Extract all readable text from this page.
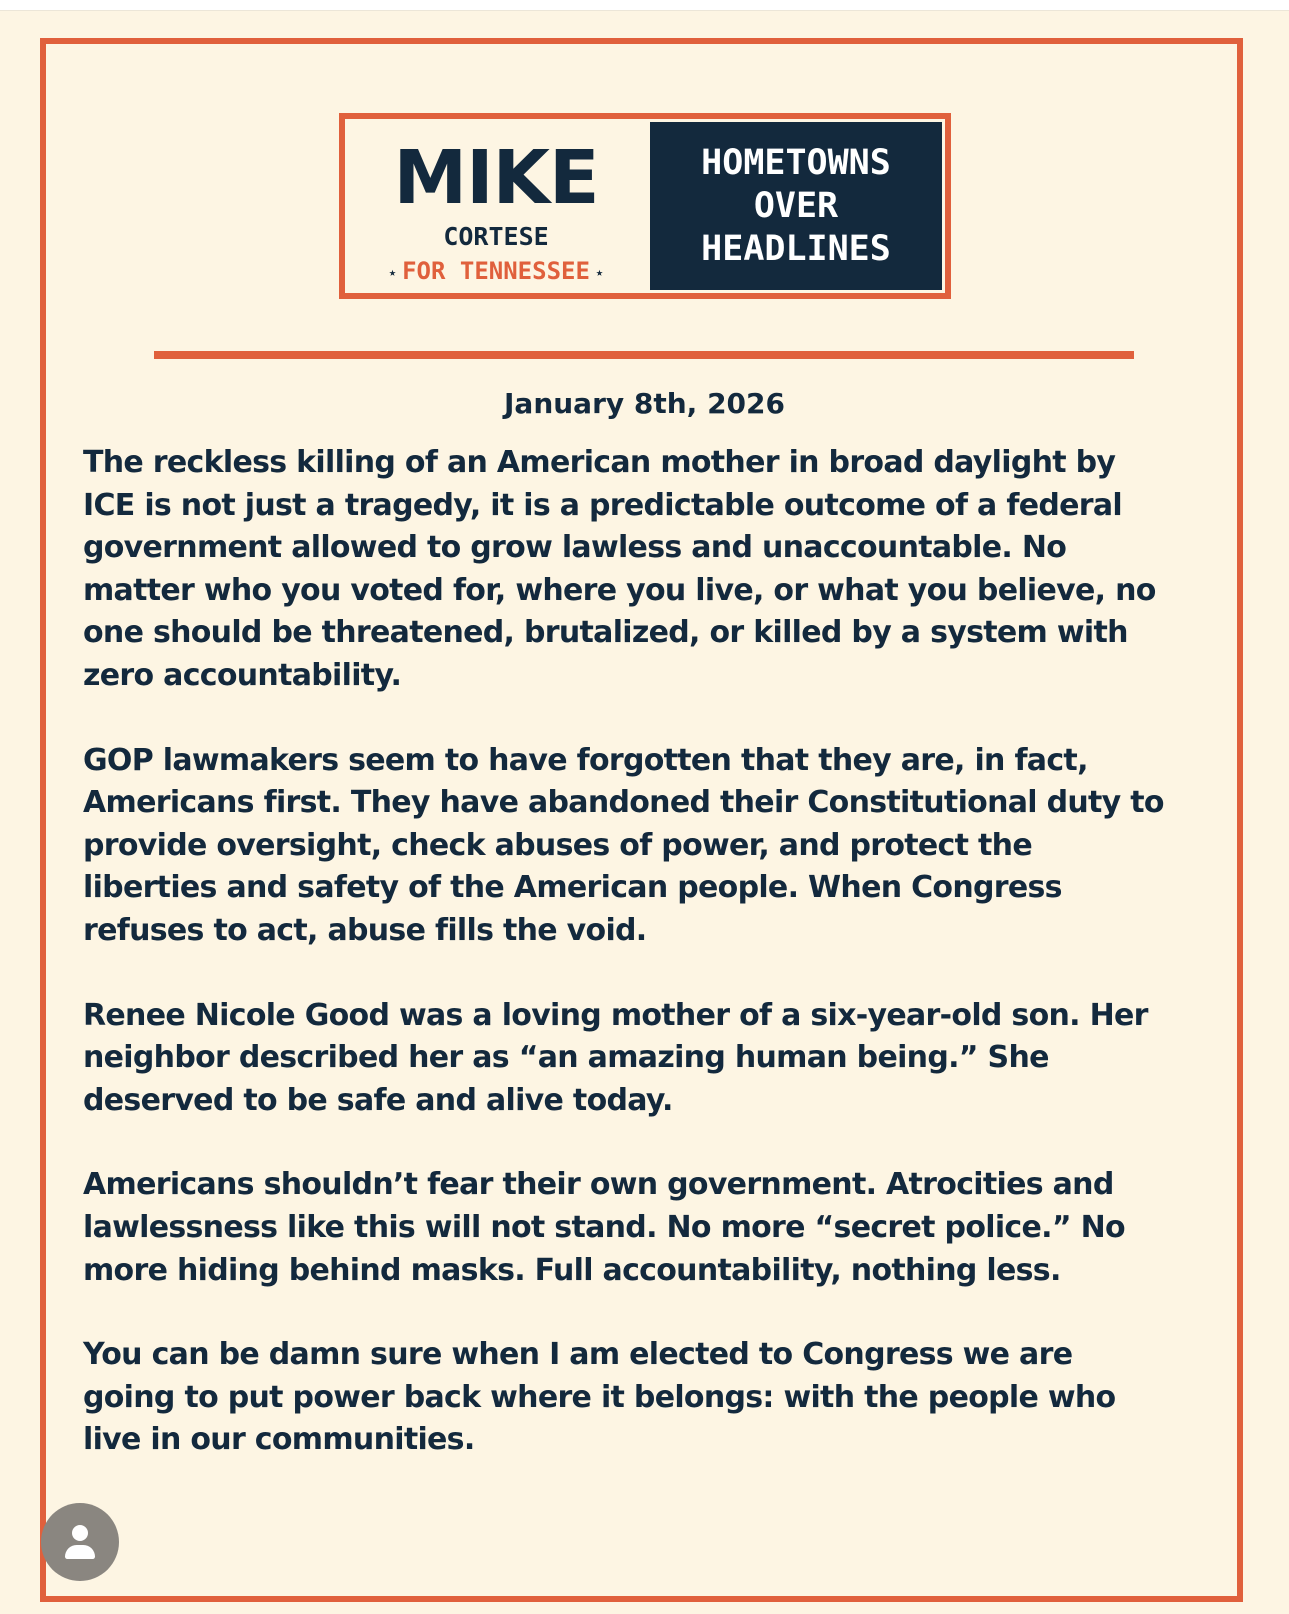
MIKE
CORTESE
★ FOR TENNESSEE ★
HOMETOWNS
OVER
HEADLINES
January 8th, 2026

The reckless killing of an American mother in broad daylight by
ICE is not just a tragedy, it is a predictable outcome of a federal
government allowed to grow lawless and unaccountable. No
matter who you voted for, where you live, or what you believe, no
one should be threatened, brutalized, or killed by a system with
zero accountability.

GOP lawmakers seem to have forgotten that they are, in fact,
Americans first. They have abandoned their Constitutional duty to
provide oversight, check abuses of power, and protect the
liberties and safety of the American people. When Congress
refuses to act, abuse fills the void.

Renee Nicole Good was a loving mother of a six-year-old son. Her
neighbor described her as “an amazing human being.” She
deserved to be safe and alive today.

Americans shouldn’t fear their own government. Atrocities and
lawlessness like this will not stand. No more “secret police.” No
more hiding behind masks. Full accountability, nothing less.

You can be damn sure when I am elected to Congress we are
going to put power back where it belongs: with the people who
live in our communities.
